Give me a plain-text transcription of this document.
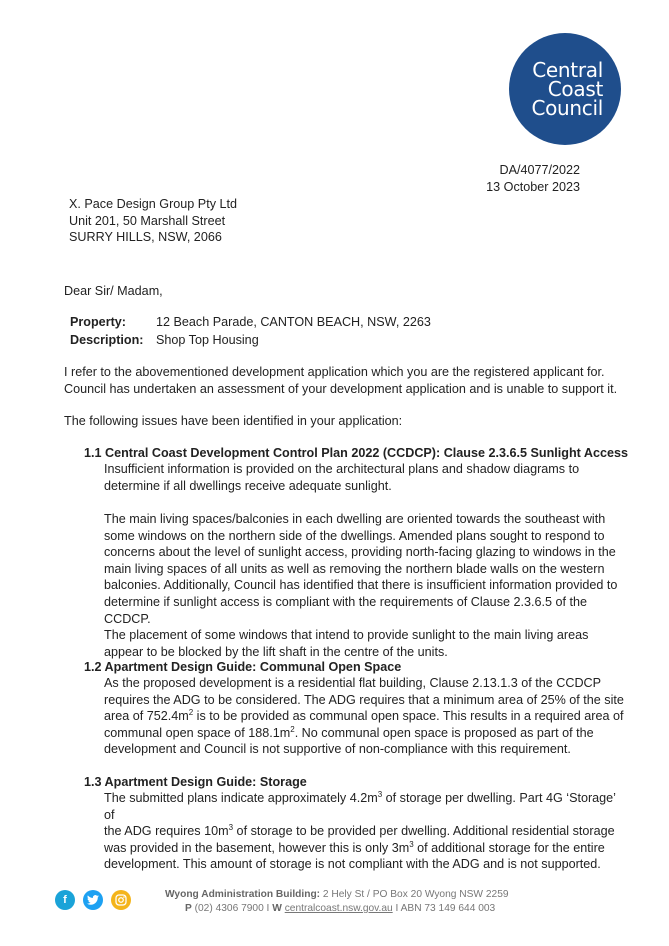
Central
Coast
Council
DA/4077/2022
13 October 2023

X. Pace Design Group Pty Ltd

Unit 201, 50 Marshall Street

SURRY HILLS, NSW, 2066

Dear Sir/ Madam,
Property: 12 Beach Parade, CANTON BEACH, NSW, 2263
Description: Shop Top Housing

I refer to the abovementioned development application which you are the registered applicant for.

Council has undertaken an assessment of your development application and is unable to support it.

The following issues have been identified in your application:
1.1 Central Coast Development Control Plan 2022 (CCDCP): Clause 2.3.6.5 Sunlight Access

Insufficient information is provided on the architectural plans and shadow diagrams to

determine if all dwellings receive adequate sunlight.

The main living spaces/balconies in each dwelling are oriented towards the southeast with

some windows on the northern side of the dwellings. Amended plans sought to respond to

concerns about the level of sunlight access, providing north-facing glazing to windows in the

main living spaces of all units as well as removing the northern blade walls on the western

balconies. Additionally, Council has identified that there is insufficient information provided to

determine if sunlight access is compliant with the requirements of Clause 2.3.6.5 of the CCDCP.

The placement of some windows that intend to provide sunlight to the main living areas

appear to be blocked by the lift shaft in the centre of the units.

1.2 Apartment Design Guide: Communal Open Space

As the proposed development is a residential flat building, Clause 2.13.1.3 of the CCDCP

requires the ADG to be considered. The ADG requires that a minimum area of 25% of the site

area of $752.4m^2$ is to be provided as communal open space. This results in a required area of

communal open space of $188.1m^2$. No communal open space is proposed as part of the

development and Council is not supportive of non-compliance with this requirement.

1.3 Apartment Design Guide: Storage

The submitted plans indicate approximately $4.2m^3$ of storage per dwelling. Part 4G ‘Storage’ of

the ADG requires $10m^3$ of storage to be provided per dwelling. Additional residential storage

was provided in the basement, however this is only $3m^3$ of additional storage for the entire

development. This amount of storage is not compliant with the ADG and is not supported.

f	Wyong Administration Building: 2 Hely St / PO Box 20 Wyong NSW 2259
P (02) 4306 7900 I W centralcoast.nsw.gov.au I ABN 73 149 644 003
